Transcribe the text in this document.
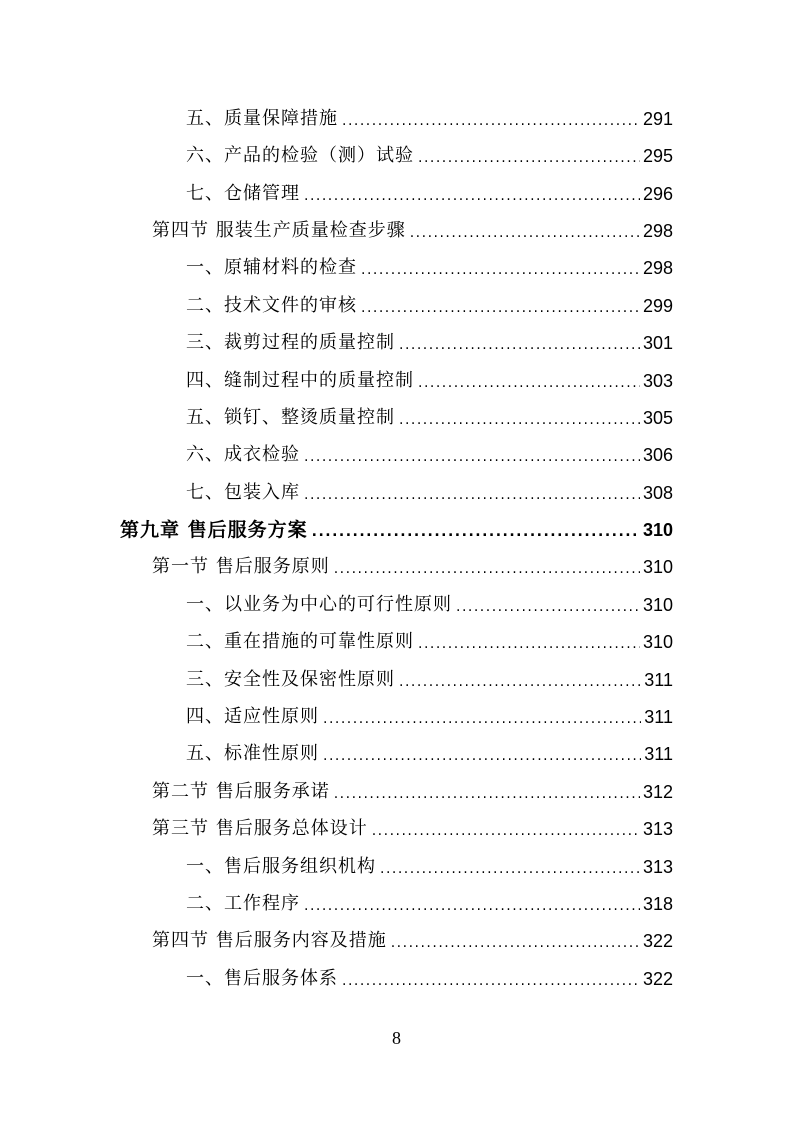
五、质量保障措施 .....	291
六、产品的检验（测）试验 .....	295
七、仓储管理 .....	296
第四节 服装生产质量检查步骤 .....	298
一、原辅材料的检查 .....	298
二、技术文件的审核 .....	299
三、裁剪过程的质量控制 .....	301
四、缝制过程中的质量控制 .....	303
五、锁钉、整烫质量控制 .....	305
六、成衣检验 .....	306
七、包装入库 .....	308
第九章 售后服务方案 .....	310
第一节 售后服务原则 .....	310
一、以业务为中心的可行性原则 .....	310
二、重在措施的可靠性原则 .....	310
三、安全性及保密性原则 .....	311
四、适应性原则 .....	311
五、标准性原则 .....	311
第二节 售后服务承诺 .....	312
第三节 售后服务总体设计 .....	313
一、售后服务组织机构 .....	313
二、工作程序 .....	318
第四节 售后服务内容及措施 .....	322
一、售后服务体系 .....	322
8
